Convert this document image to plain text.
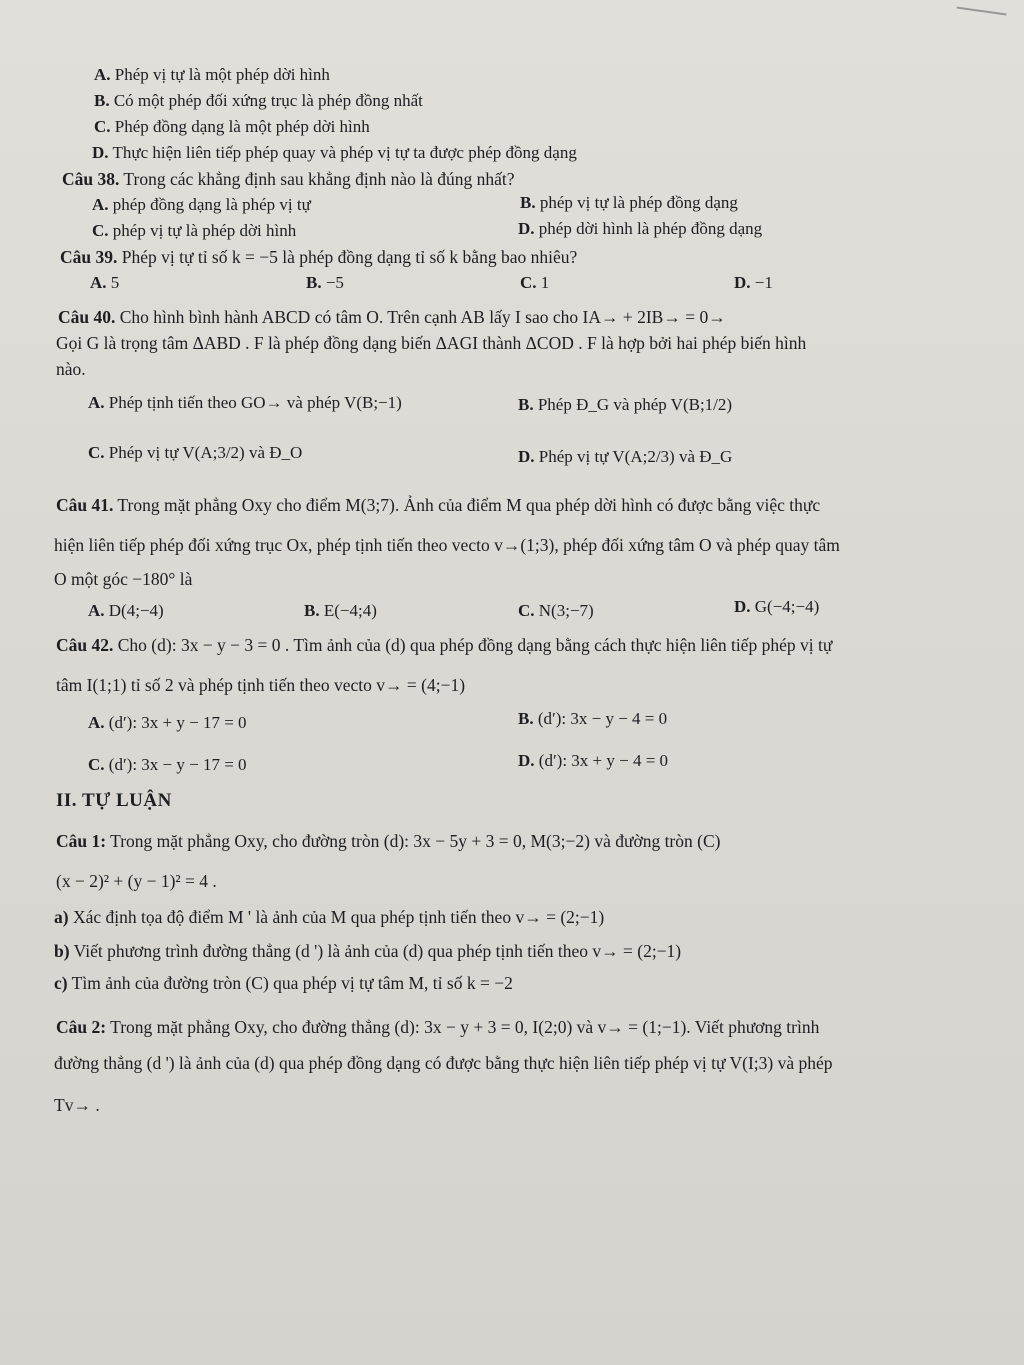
A. Phép vị tự là một phép dời hình
B. Có một phép đối xứng trục là phép đồng nhất
C. Phép đồng dạng là một phép dời hình
D. Thực hiện liên tiếp phép quay và phép vị tự ta được phép đồng dạng
Câu 38. Trong các khẳng định sau khẳng định nào là đúng nhất?
A. phép đồng dạng là phép vị tự	B. phép vị tự là phép đồng dạng
C. phép vị tự là phép dời hình	D. phép dời hình là phép đồng dạng
Câu 39. Phép vị tự tỉ số k = −5 là phép đồng dạng tỉ số k bằng bao nhiêu?
A. 5	B. −5	C. 1	D. −1
Câu 40. Cho hình bình hành ABCD có tâm O. Trên cạnh AB lấy I sao cho IA→ + 2IB→ = 0→
Gọi G là trọng tâm ΔABD . F là phép đồng dạng biến ΔAGI thành ΔCOD . F là hợp bởi hai phép biến hình
nào.
A. Phép tịnh tiến theo GO→ và phép V(B;−1)	B. Phép Đ_G và phép V(B;1/2)
C. Phép vị tự V(A;3/2) và Đ_O	D. Phép vị tự V(A;2/3) và Đ_G
Câu 41. Trong mặt phẳng Oxy cho điểm M(3;7). Ảnh của điểm M qua phép dời hình có được bằng việc thực
hiện liên tiếp phép đối xứng trục Ox, phép tịnh tiến theo vecto v→(1;3), phép đối xứng tâm O và phép quay tâm
O một góc −180° là
A. D(4;−4)	B. E(−4;4)	C. N(3;−7)	D. G(−4;−4)
Câu 42. Cho (d): 3x − y − 3 = 0 . Tìm ảnh của (d) qua phép đồng dạng bằng cách thực hiện liên tiếp phép vị tự
tâm I(1;1) tỉ số 2 và phép tịnh tiến theo vecto v→ = (4;−1)
A. (d′): 3x + y − 17 = 0	B. (d′): 3x − y − 4 = 0
C. (d′): 3x − y − 17 = 0	D. (d′): 3x + y − 4 = 0
II. TỰ LUẬN
Câu 1: Trong mặt phẳng Oxy, cho đường tròn (d): 3x − 5y + 3 = 0, M(3;−2) và đường tròn (C)
(x − 2)² + (y − 1)² = 4 .
a) Xác định tọa độ điểm M ' là ảnh của M qua phép tịnh tiến theo v→ = (2;−1)
b) Viết phương trình đường thẳng (d ') là ảnh của (d) qua phép tịnh tiến theo v→ = (2;−1)
c) Tìm ảnh của đường tròn (C) qua phép vị tự tâm M, tỉ số k = −2
Câu 2: Trong mặt phẳng Oxy, cho đường thẳng (d): 3x − y + 3 = 0, I(2;0) và v→ = (1;−1). Viết phương trình
đường thẳng (d ') là ảnh của (d) qua phép đồng dạng có được bằng thực hiện liên tiếp phép vị tự V(I;3) và phép
Tv→ .
